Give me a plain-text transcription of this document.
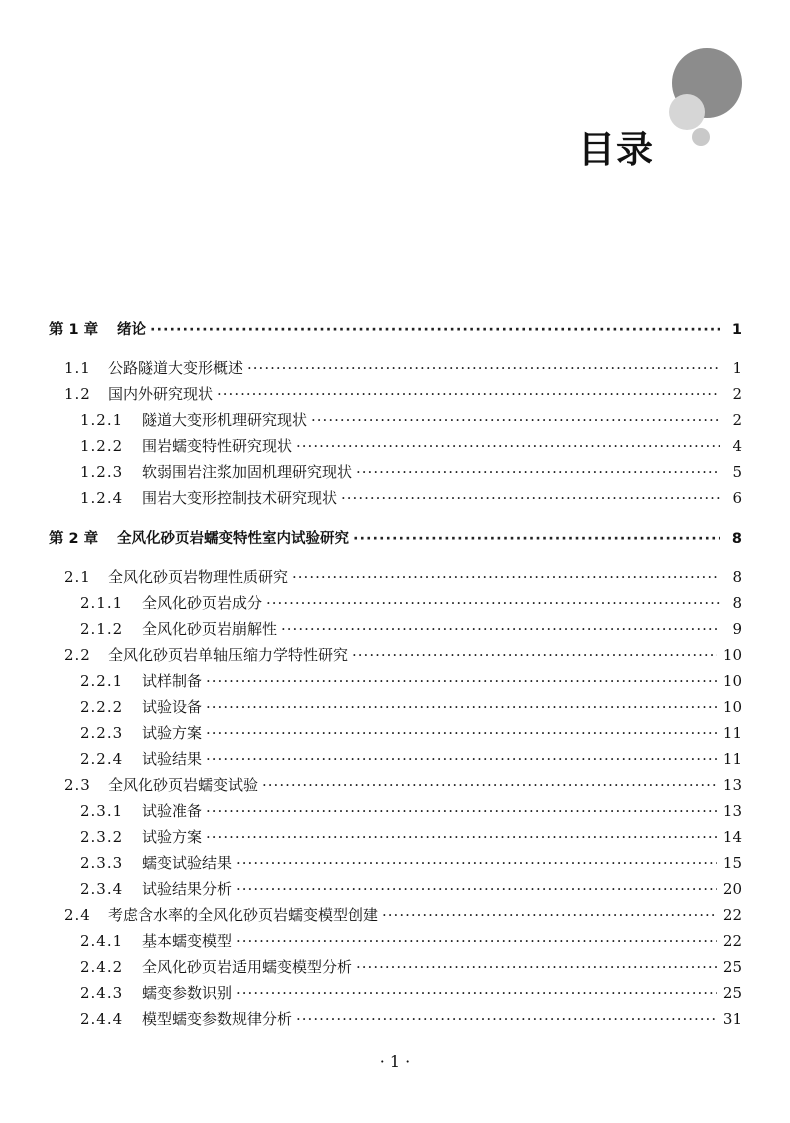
目录
第 1 章	绪论 ·····	1
1.1	公路隧道大变形概述 ·····	1
1.2	国内外研究现状 ·····	2
1.2.1	隧道大变形机理研究现状 ·····	2
1.2.2	围岩蠕变特性研究现状 ·····	4
1.2.3	软弱围岩注浆加固机理研究现状 ·····	5
1.2.4	围岩大变形控制技术研究现状 ·····	6
第 2 章	全风化砂页岩蠕变特性室内试验研究 ·····	8
2.1	全风化砂页岩物理性质研究 ·····	8
2.1.1	全风化砂页岩成分 ·····	8
2.1.2	全风化砂页岩崩解性 ·····	9
2.2	全风化砂页岩单轴压缩力学特性研究 ·····	10
2.2.1	试样制备 ·····	10
2.2.2	试验设备 ·····	10
2.2.3	试验方案 ·····	11
2.2.4	试验结果 ·····	11
2.3	全风化砂页岩蠕变试验 ·····	13
2.3.1	试验准备 ·····	13
2.3.2	试验方案 ·····	14
2.3.3	蠕变试验结果 ·····	15
2.3.4	试验结果分析 ·····	20
2.4	考虑含水率的全风化砂页岩蠕变模型创建 ·····	22
2.4.1	基本蠕变模型 ·····	22
2.4.2	全风化砂页岩适用蠕变模型分析 ·····	25
2.4.3	蠕变参数识别 ·····	25
2.4.4	模型蠕变参数规律分析 ·····	31
· 1 ·
